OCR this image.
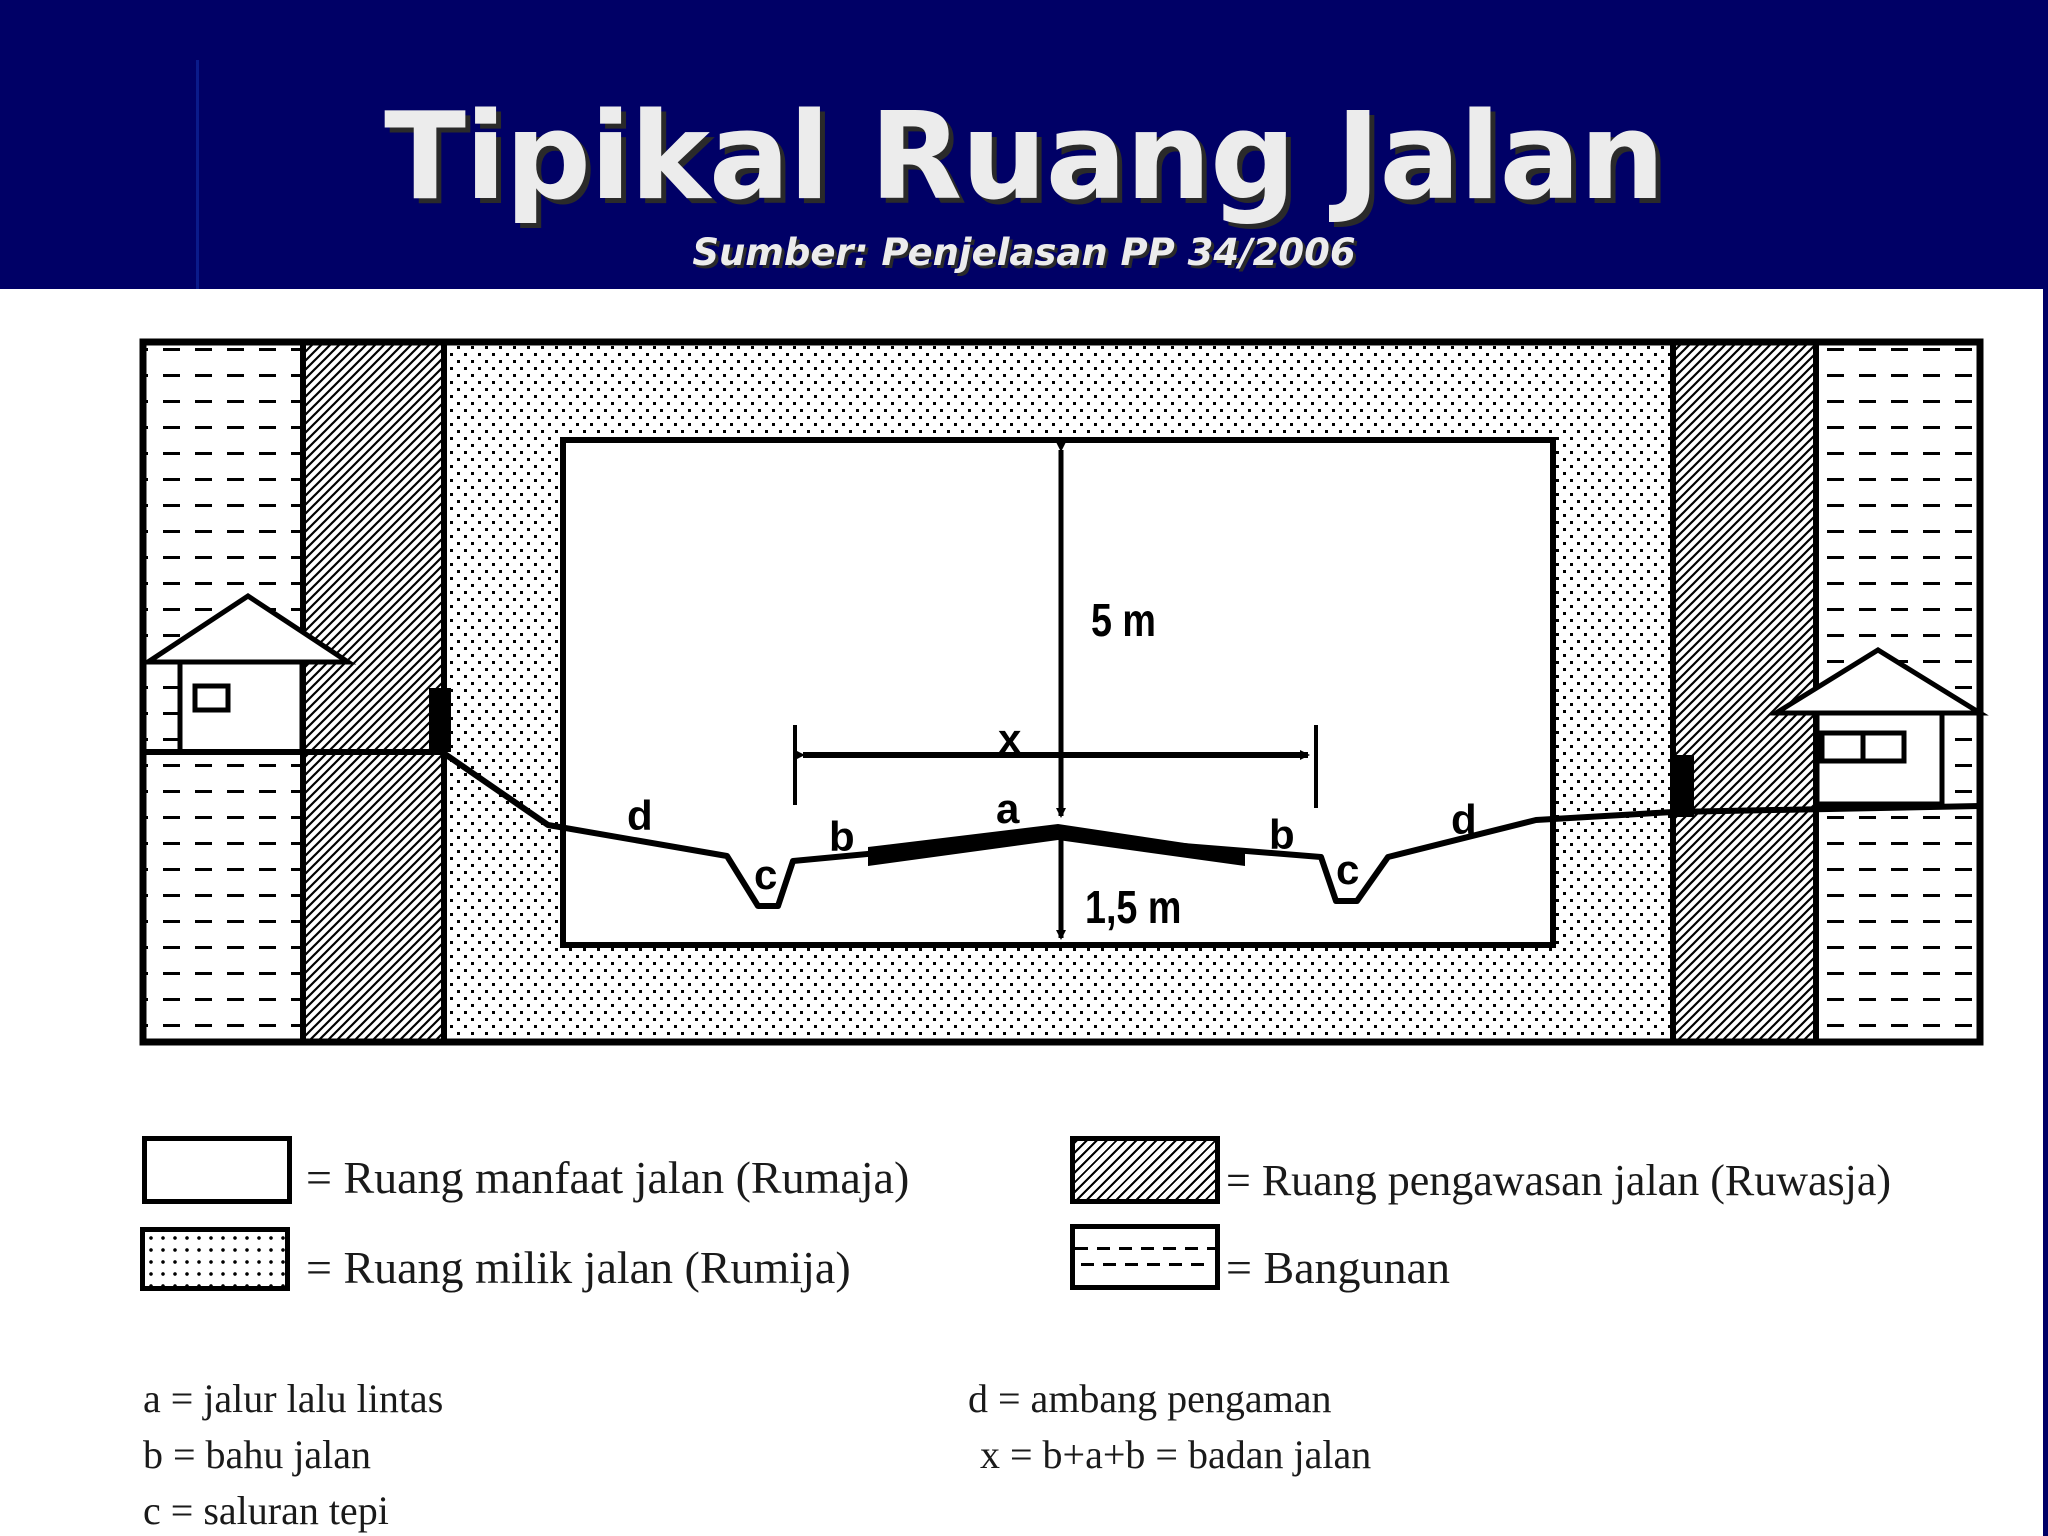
Tipikal Ruang Jalan
Sumber: Penjelasan PP 34/2006
5 m
1,5 m
x
a
b	b
c	c
d	d
= Ruang manfaat jalan (Rumaja)	= Ruang pengawasan jalan (Ruwasja)
= Ruang milik jalan (Rumija)	= Bangunan
a = jalur lalu lintas
b = bahu jalan
c = saluran tepi
d = ambang pengaman
x = b+a+b = badan jalan
